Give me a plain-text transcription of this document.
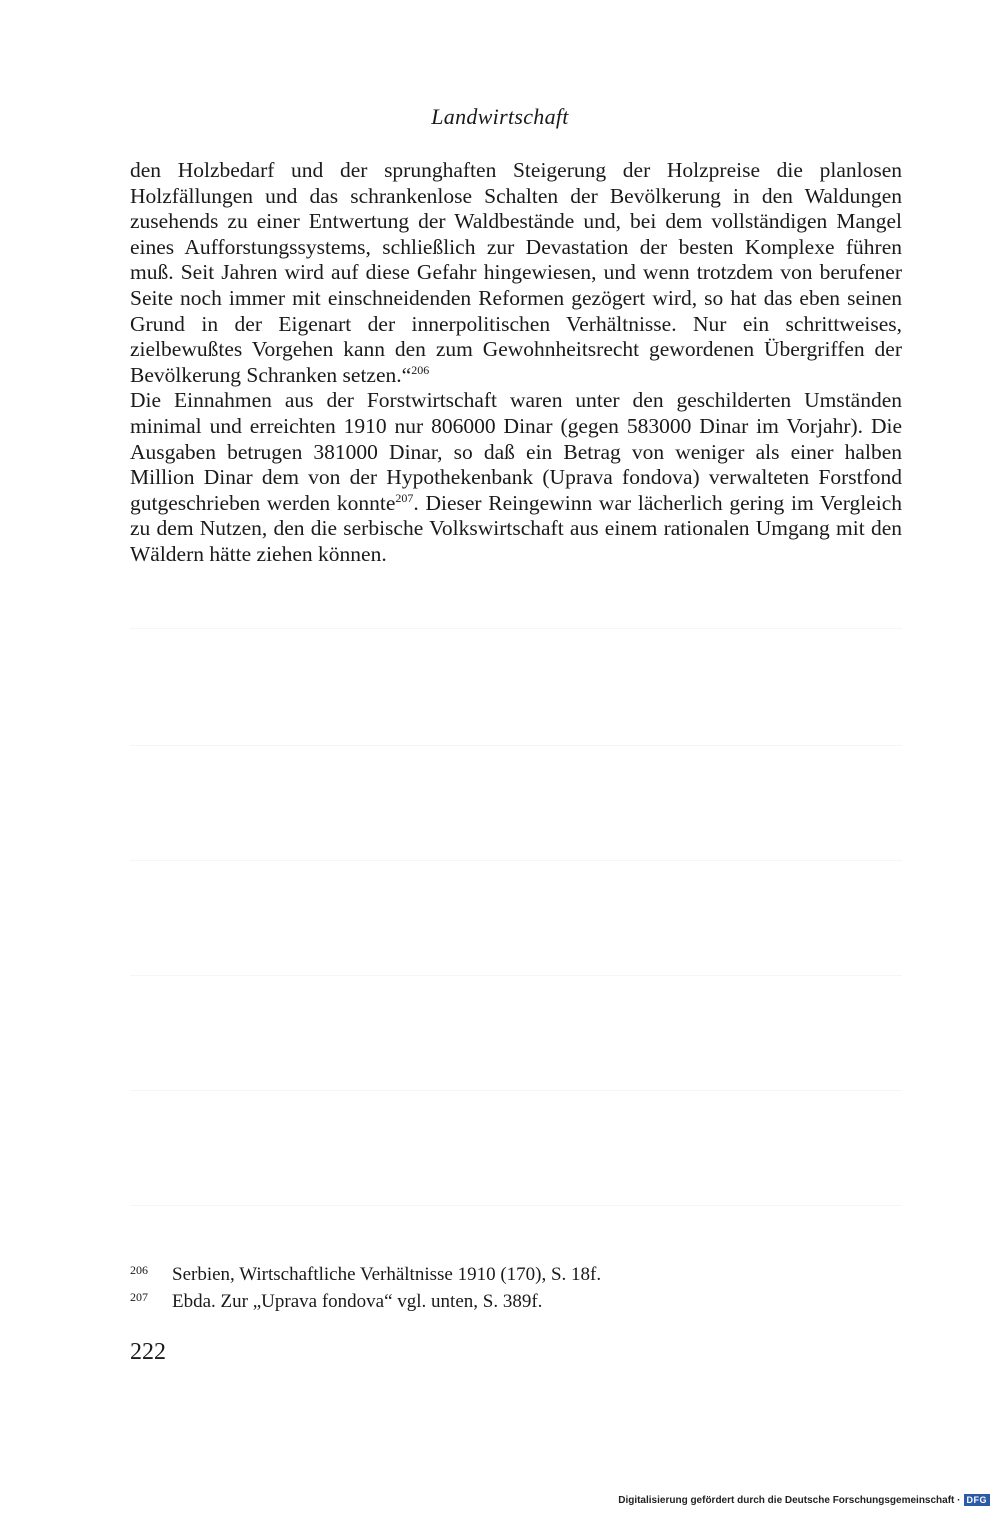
Landwirtschaft

den Holzbedarf und der sprunghaften Steigerung der Holzpreise die planlosen Holzfällungen und das schrankenlose Schalten der Bevölkerung in den Waldungen zusehends zu einer Entwertung der Waldbestände und, bei dem vollständigen Mangel eines Aufforstungssystems, schließlich zur Devastation der besten Komplexe führen muß. Seit Jahren wird auf diese Gefahr hingewiesen, und wenn trotzdem von berufener Seite noch immer mit einschneidenden Reformen gezögert wird, so hat das eben seinen Grund in der Eigenart der innerpolitischen Verhältnisse. Nur ein schrittweises, zielbewußtes Vorgehen kann den zum Gewohnheitsrecht gewordenen Übergriffen der Bevölkerung Schranken setzen.“$^{206}$

Die Einnahmen aus der Forstwirtschaft waren unter den geschilderten Umständen minimal und erreichten 1910 nur 806000 Dinar (gegen 583000 Dinar im Vorjahr). Die Ausgaben betrugen 381000 Dinar, so daß ein Betrag von weniger als einer halben Million Dinar dem von der Hypothekenbank (Uprava fondova) verwalteten Forstfond gutgeschrieben werden konnte$^{207}$. Dieser Reingewinn war lächerlich gering im Vergleich zu dem Nutzen, den die serbische Volkswirtschaft aus einem rationalen Umgang mit den Wäldern hätte ziehen können.

206	Serbien, Wirtschaftliche Verhältnisse 1910 (170), S. 18f.
207	Ebda. Zur „Uprava fondova“ vgl. unten, S. 389f.
222
Digitalisierung gefördert durch die Deutsche Forschungsgemeinschaft · DFG
